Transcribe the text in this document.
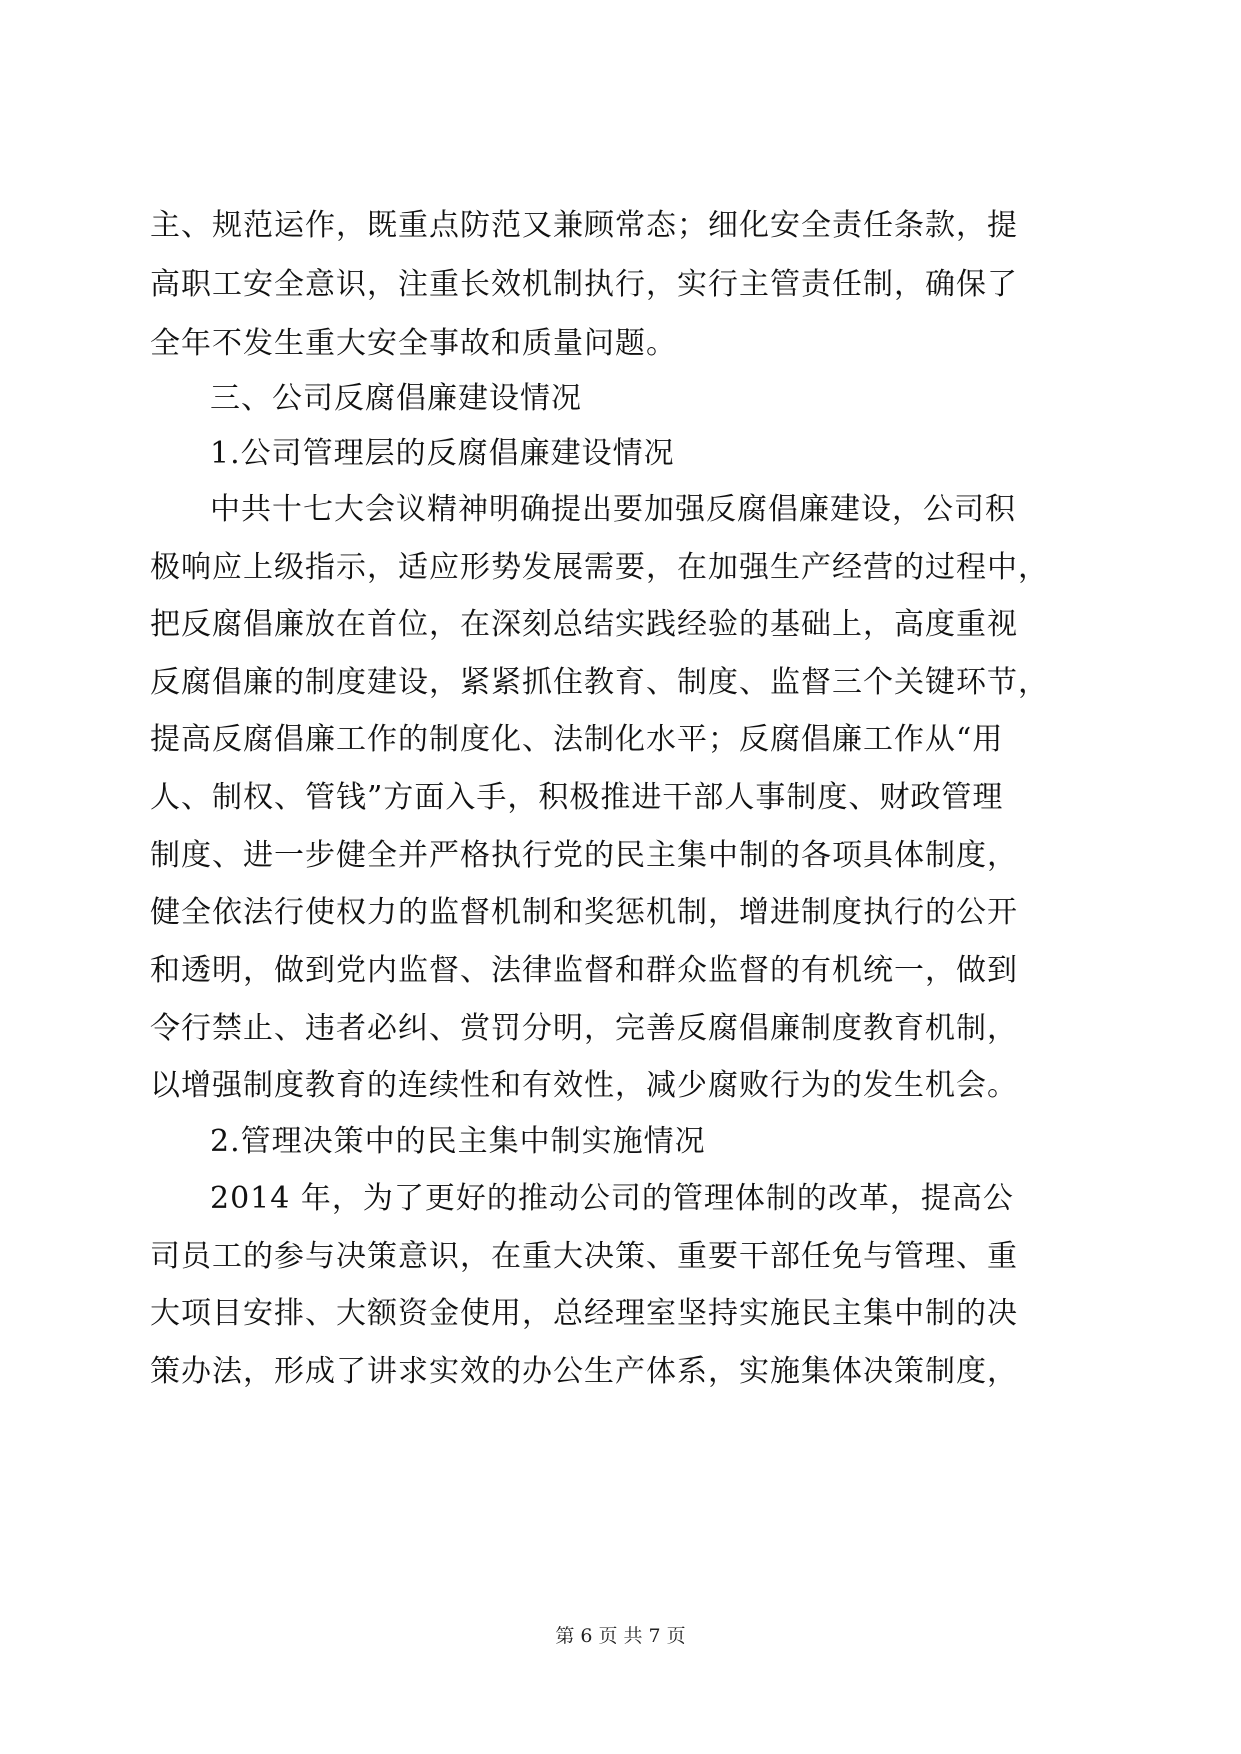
主、规范运作，既重点防范又兼顾常态；细化安全责任条款，提
高职工安全意识，注重长效机制执行，实行主管责任制，确保了
全年不发生重大安全事故和质量问题。
三、公司反腐倡廉建设情况
1.公司管理层的反腐倡廉建设情况
中共十七大会议精神明确提出要加强反腐倡廉建设，公司积
极响应上级指示，适应形势发展需要，在加强生产经营的过程中，
把反腐倡廉放在首位，在深刻总结实践经验的基础上，高度重视
反腐倡廉的制度建设，紧紧抓住教育、制度、监督三个关键环节，
提高反腐倡廉工作的制度化、法制化水平；反腐倡廉工作从“用
人、制权、管钱”方面入手，积极推进干部人事制度、财政管理
制度、进一步健全并严格执行党的民主集中制的各项具体制度，
健全依法行使权力的监督机制和奖惩机制，增进制度执行的公开
和透明，做到党内监督、法律监督和群众监督的有机统一，做到
令行禁止、违者必纠、赏罚分明，完善反腐倡廉制度教育机制，
以增强制度教育的连续性和有效性，减少腐败行为的发生机会。
2.管理决策中的民主集中制实施情况
2014 年，为了更好的推动公司的管理体制的改革，提高公
司员工的参与决策意识，在重大决策、重要干部任免与管理、重
大项目安排、大额资金使用，总经理室坚持实施民主集中制的决
策办法，形成了讲求实效的办公生产体系，实施集体决策制度，
第 6 页 共 7 页
